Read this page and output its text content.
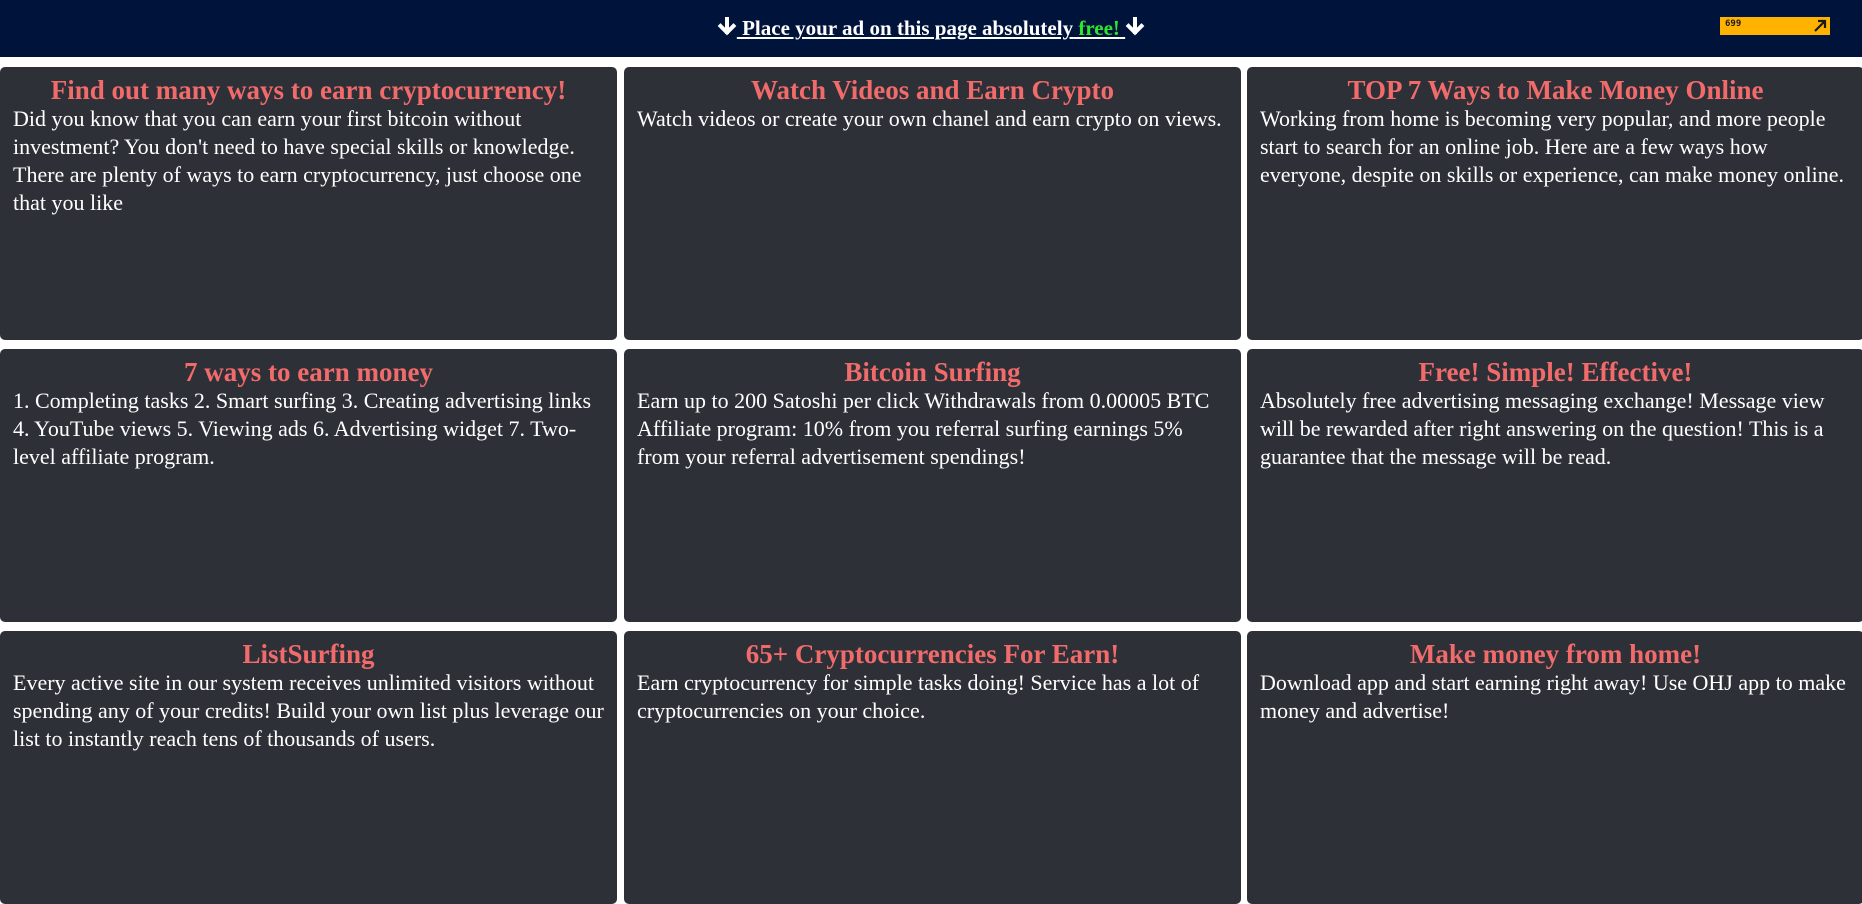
Place your ad on this page absolutely free!	699
Find out many ways to earn cryptocurrency!

Did you know that you can earn your first bitcoin without investment? You don't need to have special skills or knowledge. There are plenty of ways to earn cryptocurrency, just choose one that you like

Watch Videos and Earn Crypto

Watch videos or create your own chanel and earn crypto on views.

TOP 7 Ways to Make Money Online

Working from home is becoming very popular, and more people start to search for an online job. Here are a few ways how everyone, despite on skills or experience, can make money online.

7 ways to earn money

1. Completing tasks 2. Smart surfing 3. Creating advertising links 4. YouTube views 5. Viewing ads 6. Advertising widget 7. Two-level affiliate program.

Bitcoin Surfing

Earn up to 200 Satoshi per click Withdrawals from 0.00005 BTC Affiliate program: 10% from you referral surfing earnings 5% from your referral advertisement spendings!

Free! Simple! Effective!

Absolutely free advertising messaging exchange! Message view will be rewarded after right answering on the question! This is a guarantee that the message will be read.

ListSurfing

Every active site in our system receives unlimited visitors without spending any of your credits! Build your own list plus leverage our list to instantly reach tens of thousands of users.

65+ Cryptocurrencies For Earn!

Earn cryptocurrency for simple tasks doing! Service has a lot of cryptocurrencies on your choice.

Make money from home!

Download app and start earning right away! Use OHJ app to make money and advertise!
